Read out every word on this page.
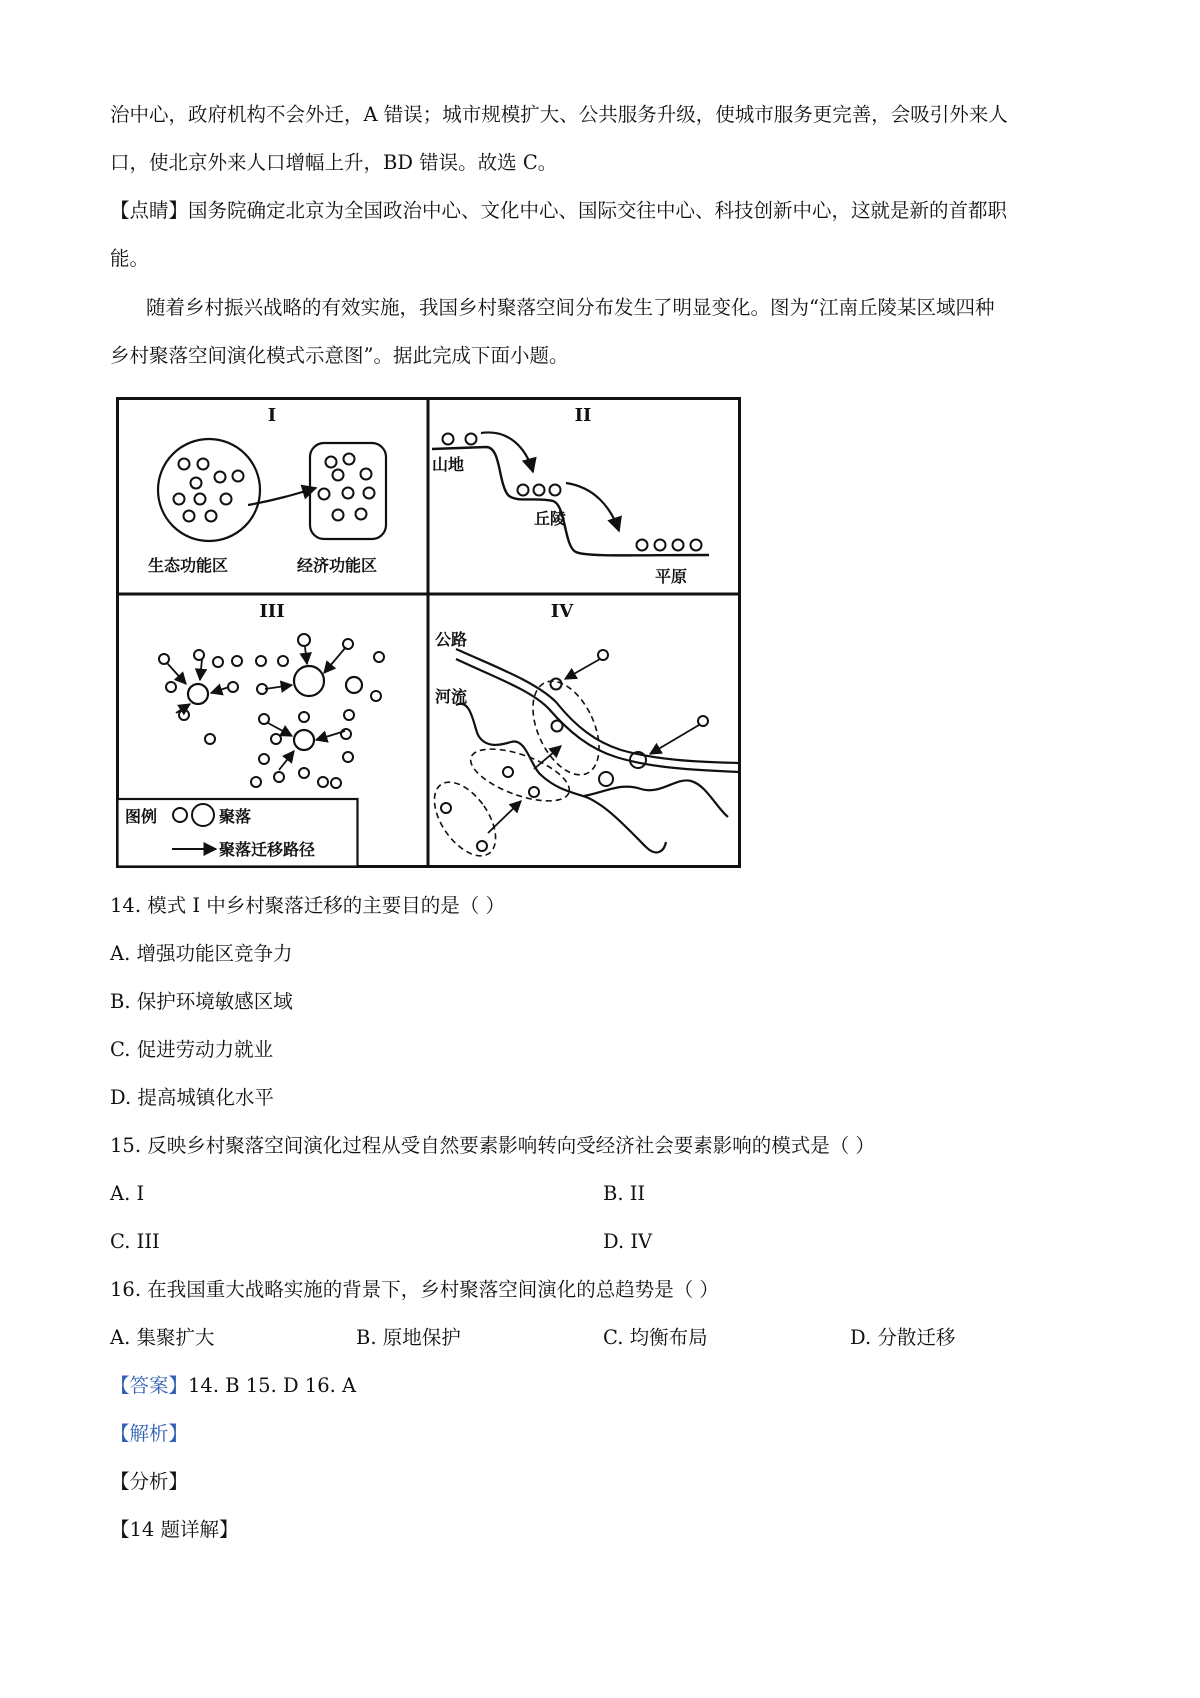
治中心，政府机构不会外迁，A 错误；城市规模扩大、公共服务升级，使城市服务更完善，会吸引外来人
口，使北京外来人口增幅上升，BD 错误。故选 C。
【点睛】国务院确定北京为全国政治中心、文化中心、国际交往中心、科技创新中心，这就是新的首都职
能。
随着乡村振兴战略的有效实施，我国乡村聚落空间分布发生了明显变化。图为“江南丘陵某区域四种
乡村聚落空间演化模式示意图”。据此完成下面小题。
I
生态功能区	经济功能区
II
山地
丘陵
平原
III
图例	聚落
聚落迁移路径
IV
公路
河流
14. 模式 I 中乡村聚落迁移的主要目的是（ ）
A. 增强功能区竞争力
B. 保护环境敏感区域
C. 促进劳动力就业
D. 提高城镇化水平
15. 反映乡村聚落空间演化过程从受自然要素影响转向受经济社会要素影响的模式是（ ）
A. I	B. II
C. III	D. IV
16. 在我国重大战略实施的背景下，乡村聚落空间演化的总趋势是（ ）
A. 集聚扩大	B. 原地保护	C. 均衡布局	D. 分散迁移
【答案】14. B 15. D 16. A
【解析】
【分析】
【14 题详解】
